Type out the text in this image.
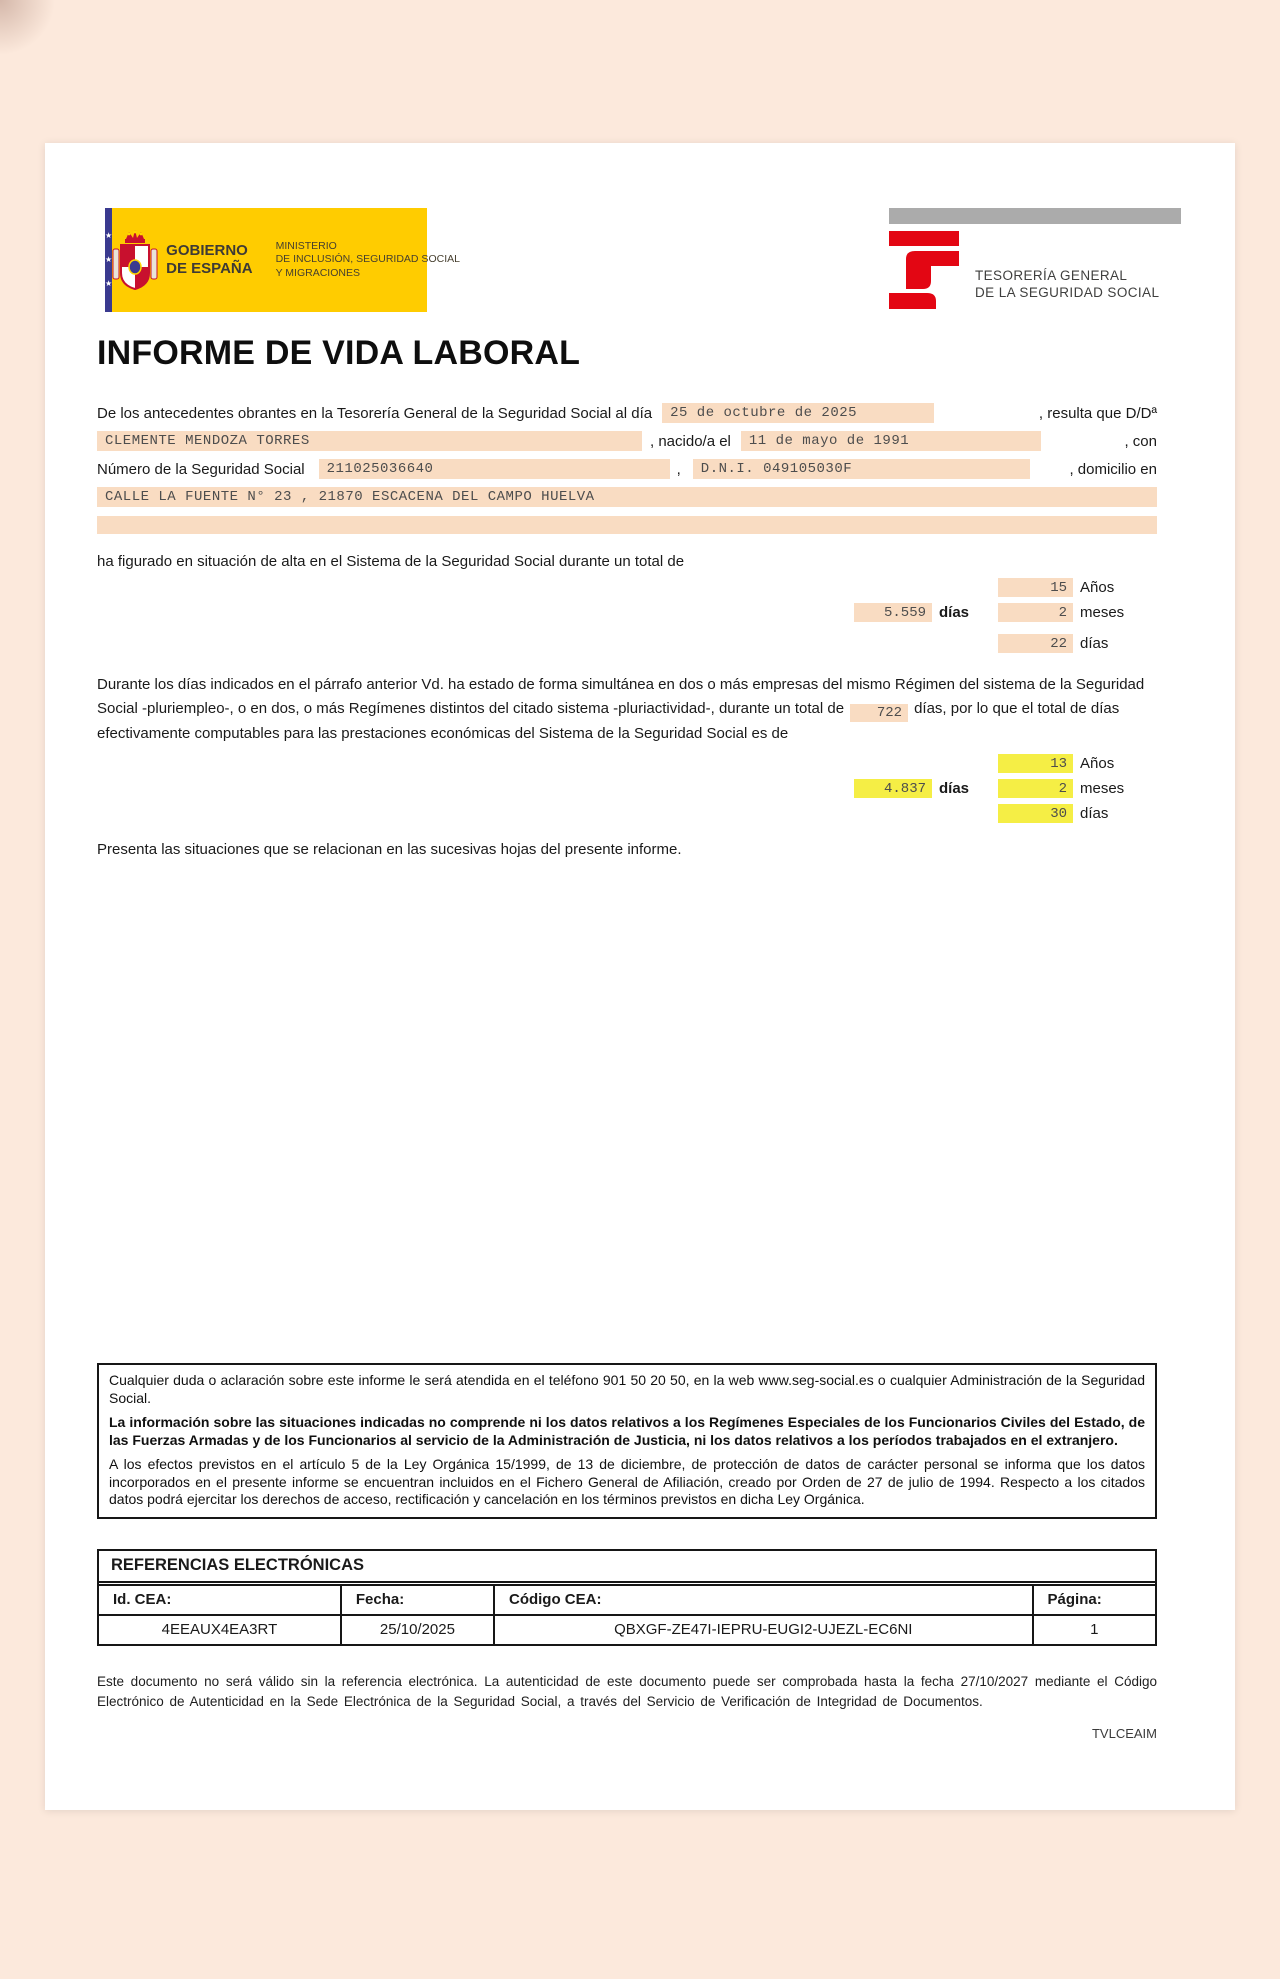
★
★
★
GOBIERNO
DE ESPAÑA
MINISTERIO
DE INCLUSIÓN, SEGURIDAD SOCIAL
Y MIGRACIONES	TESORERÍA GENERAL
DE LA SEGURIDAD SOCIAL
INFORME DE VIDA LABORAL
De los antecedentes obrantes en la Tesorería General de la Seguridad Social al día	25 de octubre de 2025	, resulta que D/Dª
CLEMENTE MENDOZA TORRES	, nacido/a el	11 de mayo de 1991	, con
Número de la Seguridad Social	211025036640	,	D.N.I. 049105030F	, domicilio en
CALLE LA FUENTE N° 23 , 21870 ESCACENA DEL CAMPO HUELVA
ha figurado en situación de alta en el Sistema de la Seguridad Social durante un total de
15 Años
5.559 días	2 meses
22 días

Durante los días indicados en el párrafo anterior Vd. ha estado de forma simultánea en dos o más empresas del mismo Régimen del sistema de la Seguridad Social -pluriempleo-, o en dos, o más Regímenes distintos del citado sistema -pluriactividad-, durante un total de 722 días, por lo que el total de días efectivamente computables para las prestaciones económicas del Sistema de la Seguridad Social es de

13 Años
4.837 días	2 meses
30 días

Presenta las situaciones que se relacionan en las sucesivas hojas del presente informe.

Cualquier duda o aclaración sobre este informe le será atendida en el teléfono 901 50 20 50, en la web www.seg-social.es o cualquier Administración de la Seguridad Social.

La información sobre las situaciones indicadas no comprende ni los datos relativos a los Regímenes Especiales de los Funcionarios Civiles del Estado, de las Fuerzas Armadas y de los Funcionarios al servicio de la Administración de Justicia, ni los datos relativos a los períodos trabajados en el extranjero.

A los efectos previstos en el artículo 5 de la Ley Orgánica 15/1999, de 13 de diciembre, de protección de datos de carácter personal se informa que los datos incorporados en el presente informe se encuentran incluidos en el Fichero General de Afiliación, creado por Orden de 27 de julio de 1994. Respecto a los citados datos podrá ejercitar los derechos de acceso, rectificación y cancelación en los términos previstos en dicha Ley Orgánica.

REFERENCIAS ELECTRÓNICAS
Id. CEA:	Fecha:	Código CEA:	Página:
4EEAUX4EA3RT	25/10/2025	QBXGF-ZE47I-IEPRU-EUGI2-UJEZL-EC6NI	1

Este documento no será válido sin la referencia electrónica. La autenticidad de este documento puede ser comprobada hasta la fecha 27/10/2027 mediante el Código Electrónico de Autenticidad en la Sede Electrónica de la Seguridad Social, a través del Servicio de Verificación de Integridad de Documentos.

TVLCEAIM
